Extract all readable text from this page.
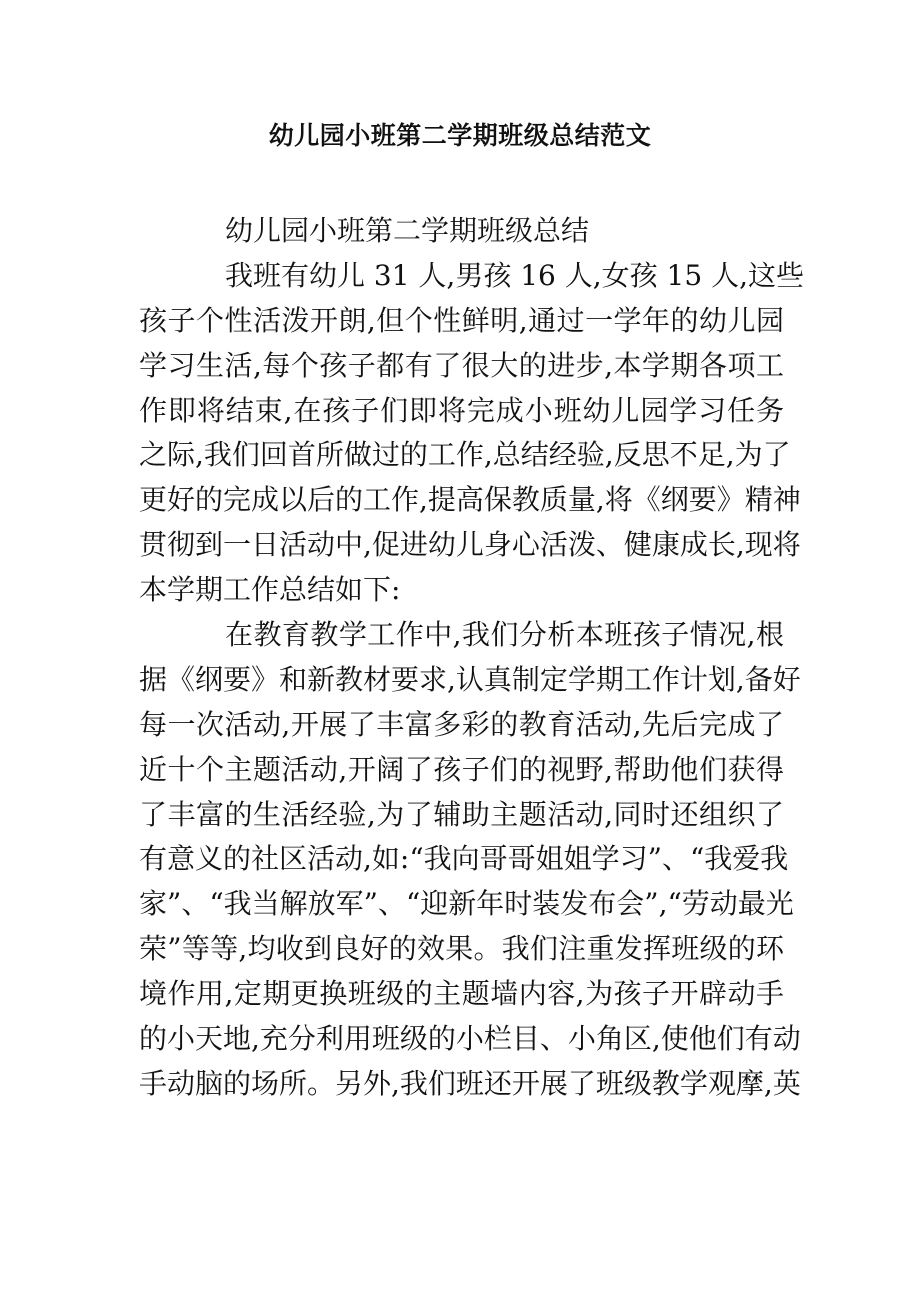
幼儿园小班第二学期班级总结范文
幼儿园小班第二学期班级总结
我班有幼儿 31 人,男孩 16 人,女孩 15 人,这些
孩子个性活泼开朗,但个性鲜明,通过一学年的幼儿园
学习生活,每个孩子都有了很大的进步,本学期各项工
作即将结束,在孩子们即将完成小班幼儿园学习任务
之际,我们回首所做过的工作,总结经验,反思不足,为了
更好的完成以后的工作,提高保教质量,将《纲要》精神
贯彻到一日活动中,促进幼儿身心活泼、健康成长,现将
本学期工作总结如下:
在教育教学工作中,我们分析本班孩子情况,根
据《纲要》和新教材要求,认真制定学期工作计划,备好
每一次活动,开展了丰富多彩的教育活动,先后完成了
近十个主题活动,开阔了孩子们的视野,帮助他们获得
了丰富的生活经验,为了辅助主题活动,同时还组织了
有意义的社区活动,如:“我向哥哥姐姐学习”、“我爱我
家”、“我当解放军”、“迎新年时装发布会”,“劳动最光
荣”等等,均收到良好的效果。我们注重发挥班级的环
境作用,定期更换班级的主题墙内容,为孩子开辟动手
的小天地,充分利用班级的小栏目、小角区,使他们有动
手动脑的场所。另外,我们班还开展了班级教学观摩,英
